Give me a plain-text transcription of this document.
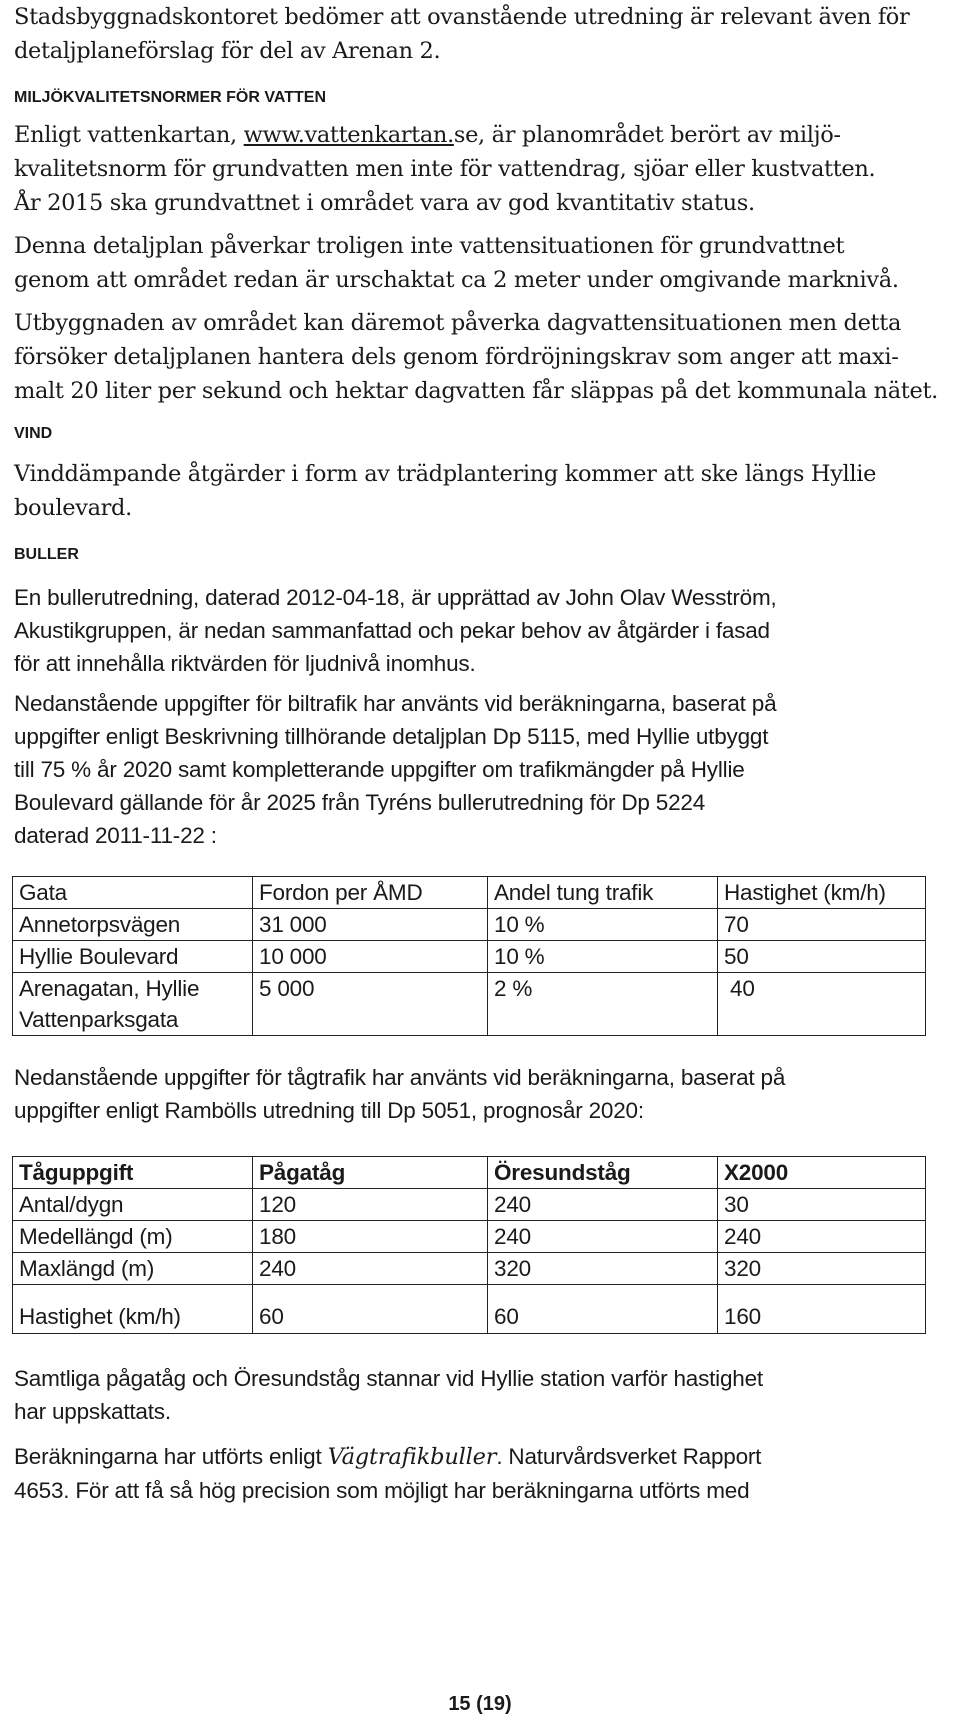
Stadsbyggnadskontoret bedömer att ovanstående utredning är relevant även för
detaljplaneförslag för del av Arenan 2.

MILJÖKVALITETSNORMER FÖR VATTEN

Enligt vattenkartan, www.vattenkartan.se, är planområdet berört av miljö-
kvalitetsnorm för grundvatten men inte för vattendrag, sjöar eller kustvatten.
År 2015 ska grundvattnet i området vara av god kvantitativ status.

Denna detaljplan påverkar troligen inte vattensituationen för grundvattnet
genom att området redan är urschaktat ca 2 meter under omgivande marknivå.

Utbyggnaden av området kan däremot påverka dagvattensituationen men detta
försöker detaljplanen hantera dels genom fördröjningskrav som anger att maxi-
malt 20 liter per sekund och hektar dagvatten får släppas på det kommunala nätet.

VIND

Vinddämpande åtgärder i form av trädplantering kommer att ske längs Hyllie
boulevard.

BULLER

En bullerutredning, daterad 2012-04-18, är upprättad av John Olav Wesström,
Akustikgruppen, är nedan sammanfattad och pekar behov av åtgärder i fasad
för att innehålla riktvärden för ljudnivå inomhus.

Nedanstående uppgifter för biltrafik har använts vid beräkningarna, baserat på
uppgifter enligt Beskrivning tillhörande detaljplan Dp 5115, med Hyllie utbyggt
till 75 % år 2020 samt kompletterande uppgifter om trafikmängder på Hyllie
Boulevard gällande för år 2025 från Tyréns bullerutredning för Dp 5224
daterad 2011-11-22 :

Gata	Fordon per ÅMD	Andel tung trafik	Hastighet (km/h)
Annetorpsvägen	31 000	10 %	70
Hyllie Boulevard	10 000	10 %	50
Arenagatan, Hyllie
Vattenparksgata	5 000	2 %	40

Nedanstående uppgifter för tågtrafik har använts vid beräkningarna, baserat på
uppgifter enligt Rambölls utredning till Dp 5051, prognosår 2020:

Tåguppgift	Pågatåg	Öresundståg	X2000
Antal/dygn	120	240	30
Medellängd (m)	180	240	240
Maxlängd (m)	240	320	320
Hastighet (km/h)	60	60	160

Samtliga pågatåg och Öresundståg stannar vid Hyllie station varför hastighet
har uppskattats.

Beräkningarna har utförts enligt Vägtrafikbuller. Naturvårdsverket Rapport
4653. För att få så hög precision som möjligt har beräkningarna utförts med

15 (19)
